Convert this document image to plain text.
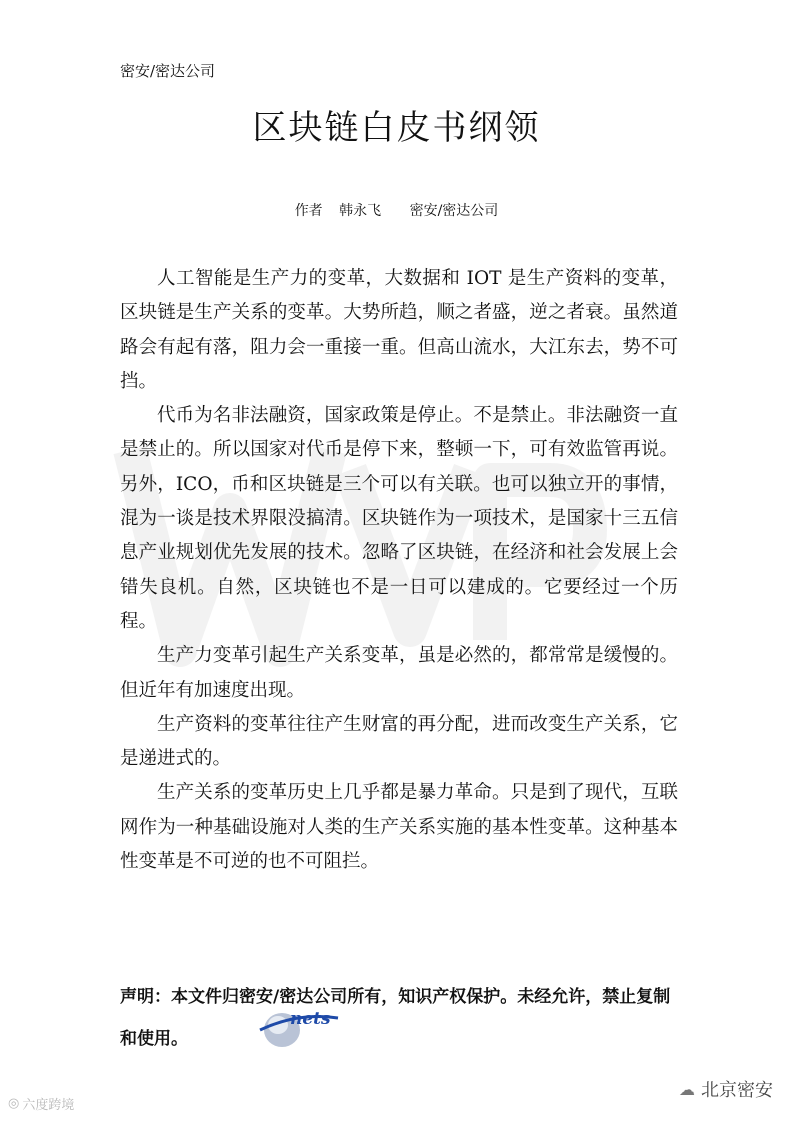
密安/密达公司
区块链白皮书纲领
作者 韩永飞 密安/密达公司

人工智能是生产力的变革，大数据和 IOT 是生产资料的变革，区块链是生产关系的变革。大势所趋，顺之者盛，逆之者衰。虽然道路会有起有落，阻力会一重接一重。但高山流水，大江东去，势不可挡。

代币为名非法融资，国家政策是停止。不是禁止。非法融资一直是禁止的。所以国家对代币是停下来，整顿一下，可有效监管再说。另外，ICO，币和区块链是三个可以有关联。也可以独立开的事情，混为一谈是技术界限没搞清。区块链作为一项技术，是国家十三五信息产业规划优先发展的技术。忽略了区块链，在经济和社会发展上会错失良机。自然，区块链也不是一日可以建成的。它要经过一个历程。

生产力变革引起生产关系变革，虽是必然的，都常常是缓慢的。但近年有加速度出现。

生产资料的变革往往产生财富的再分配，进而改变生产关系，它是递进式的。

生产关系的变革历史上几乎都是暴力革命。只是到了现代，互联网作为一种基础设施对人类的生产关系实施的基本性变革。这种基本性变革是不可逆的也不可阻拦。

声明：本文件归密安/密达公司所有，知识产权保护。未经允许，禁止复制和使用。
nets
◎ 六度跨境
☁ 北京密安
